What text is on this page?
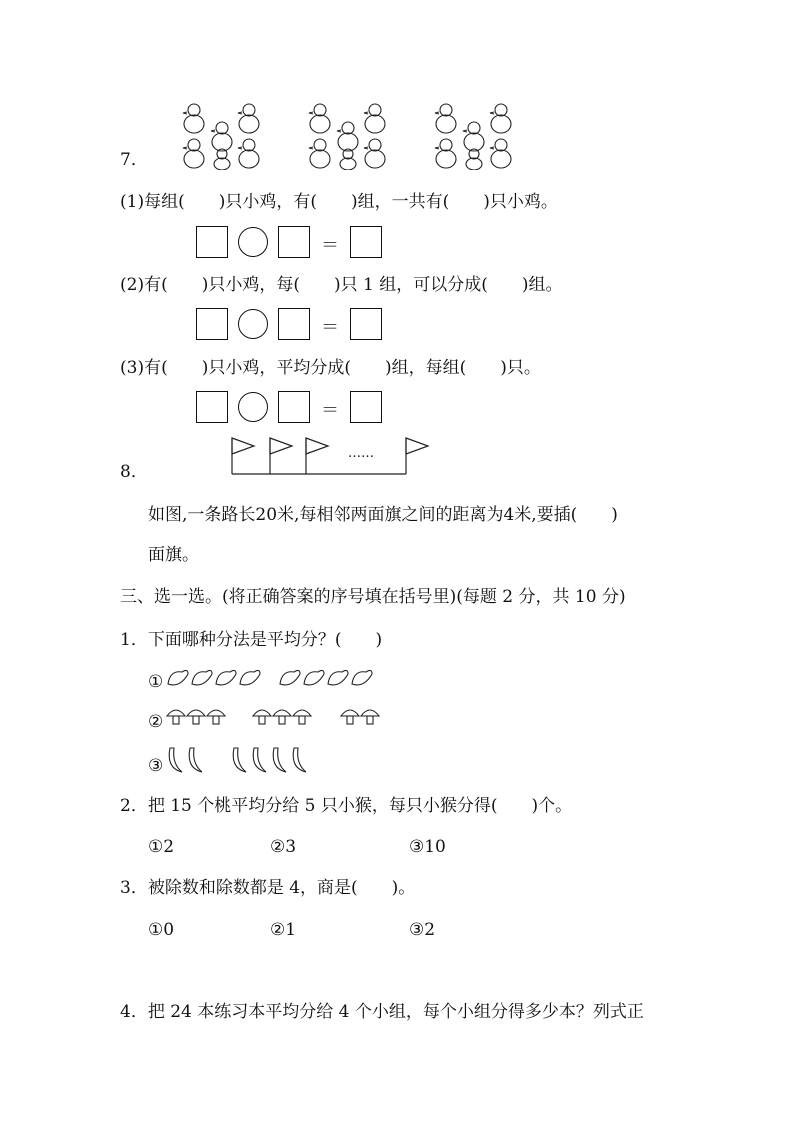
7．
(1)每组(　　)只小鸡，有(　　)组，一共有(　　)只小鸡。
＝
(2)有(　　)只小鸡，每(　　)只 1 组，可以分成(　　)组。
＝
(3)有(　　)只小鸡，平均分成(　　)组，每组(　　)只。
＝
8．
……
如图,一条路长20米,每相邻两面旗之间的距离为4米,要插(　　)
面旗。
三、选一选。(将正确答案的序号填在括号里)(每题 2 分，共 10 分)
1．下面哪种分法是平均分？(　　)
①
②
③
2．把 15 个桃平均分给 5 只小猴，每只小猴分得(　　)个。
①2	②3	③10
3．被除数和除数都是 4，商是(　　)。
①0	②1	③2
4．把 24 本练习本平均分给 4 个小组，每个小组分得多少本？列式正
